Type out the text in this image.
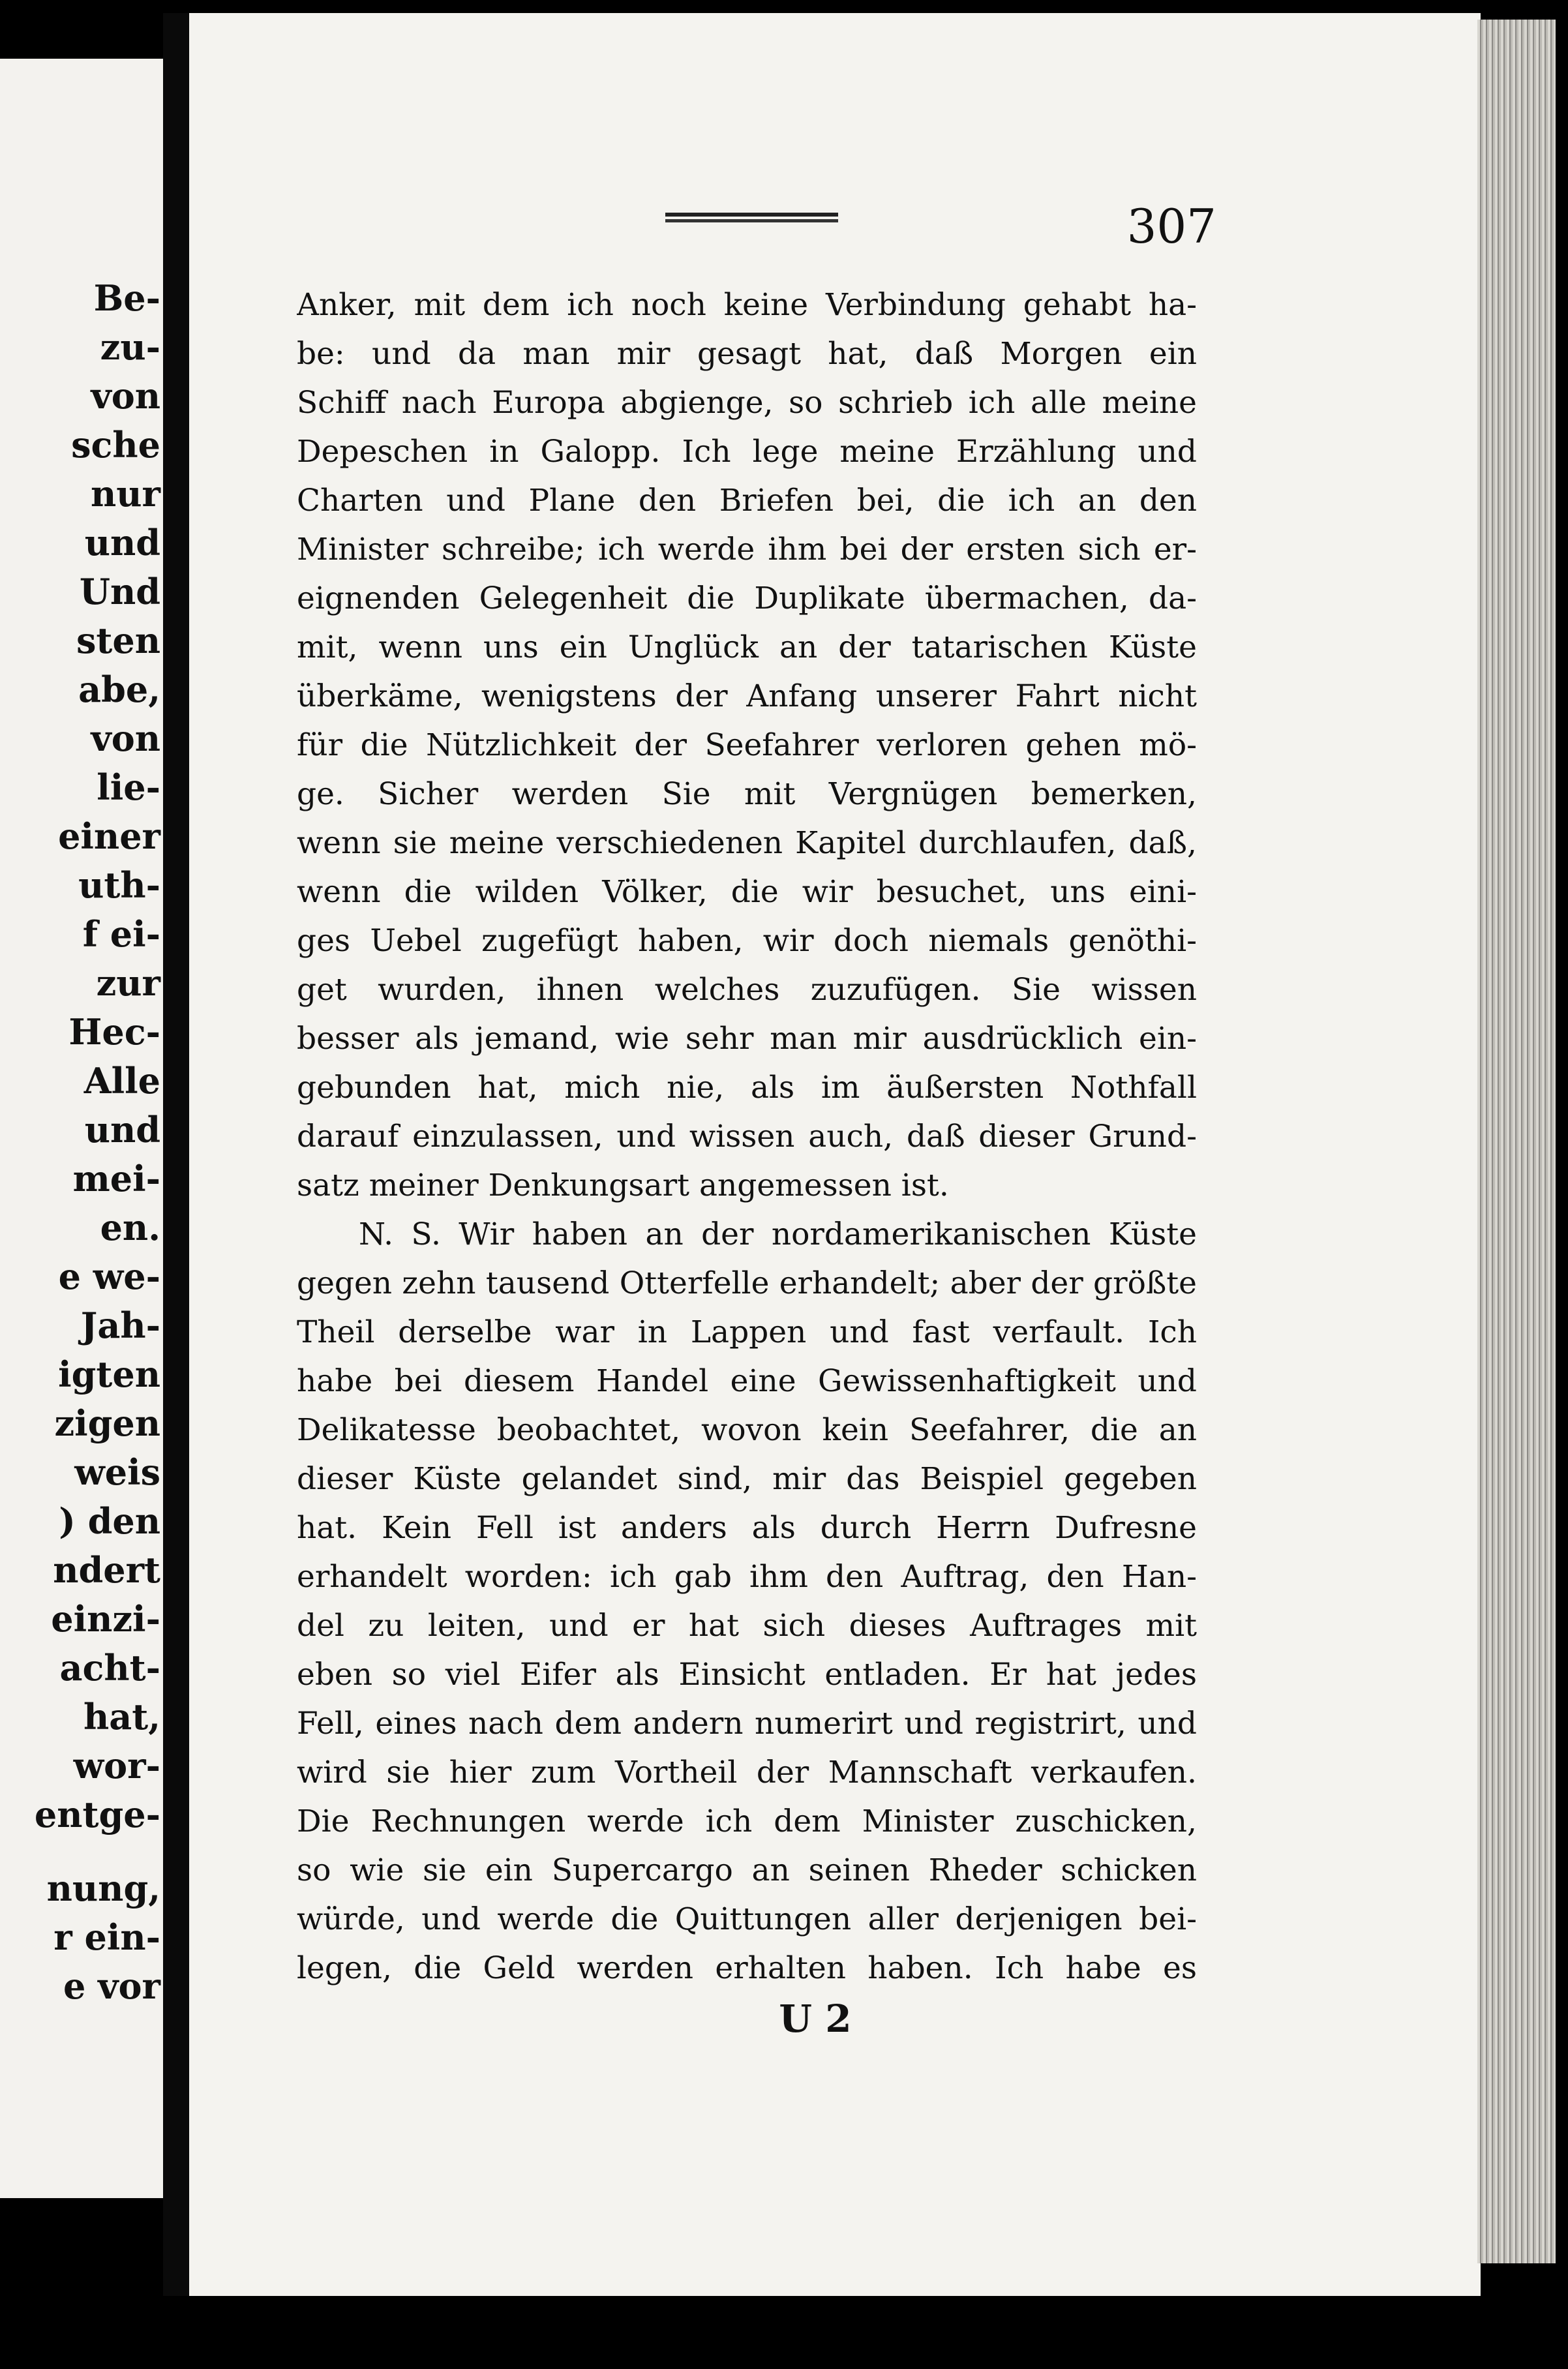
Be-
zu-
von
sche
nur
und
Und
sten
abe,
von
lie-
einer
uth-
f ei-
zur
Hec-
Alle
und
mei-
en.
e we-
Jah-
igten
zigen
weis
) den
ndert
einzi-
acht-
hat,
wor-
entge-
nung,
r ein-
e vor
307
Anker, mit dem ich noch keine Verbindung gehabt ha-
be: und da man mir gesagt hat, daß Morgen ein
Schiff nach Europa abgienge, so schrieb ich alle meine
Depeschen in Galopp. Ich lege meine Erzählung und
Charten und Plane den Briefen bei, die ich an den
Minister schreibe; ich werde ihm bei der ersten sich er-
eignenden Gelegenheit die Duplikate übermachen, da-
mit, wenn uns ein Unglück an der tatarischen Küste
überkäme, wenigstens der Anfang unserer Fahrt nicht
für die Nützlichkeit der Seefahrer verloren gehen mö-
ge. Sicher werden Sie mit Vergnügen bemerken,
wenn sie meine verschiedenen Kapitel durchlaufen, daß,
wenn die wilden Völker, die wir besuchet, uns eini-
ges Uebel zugefügt haben, wir doch niemals genöthi-
get wurden, ihnen welches zuzufügen. Sie wissen
besser als jemand, wie sehr man mir ausdrücklich ein-
gebunden hat, mich nie, als im äußersten Nothfall
darauf einzulassen, und wissen auch, daß dieser Grund-
satz meiner Denkungsart angemessen ist.
N. S. Wir haben an der nordamerikanischen Küste
gegen zehn tausend Otterfelle erhandelt; aber der größte
Theil derselbe war in Lappen und fast verfault. Ich
habe bei diesem Handel eine Gewissenhaftigkeit und
Delikatesse beobachtet, wovon kein Seefahrer, die an
dieser Küste gelandet sind, mir das Beispiel gegeben
hat. Kein Fell ist anders als durch Herrn Dufresne
erhandelt worden: ich gab ihm den Auftrag, den Han-
del zu leiten, und er hat sich dieses Auftrages mit
eben so viel Eifer als Einsicht entladen. Er hat jedes
Fell, eines nach dem andern numerirt und registrirt, und
wird sie hier zum Vortheil der Mannschaft verkaufen.
Die Rechnungen werde ich dem Minister zuschicken,
so wie sie ein Supercargo an seinen Rheder schicken
würde, und werde die Quittungen aller derjenigen bei-
legen, die Geld werden erhalten haben. Ich habe es
U 2
